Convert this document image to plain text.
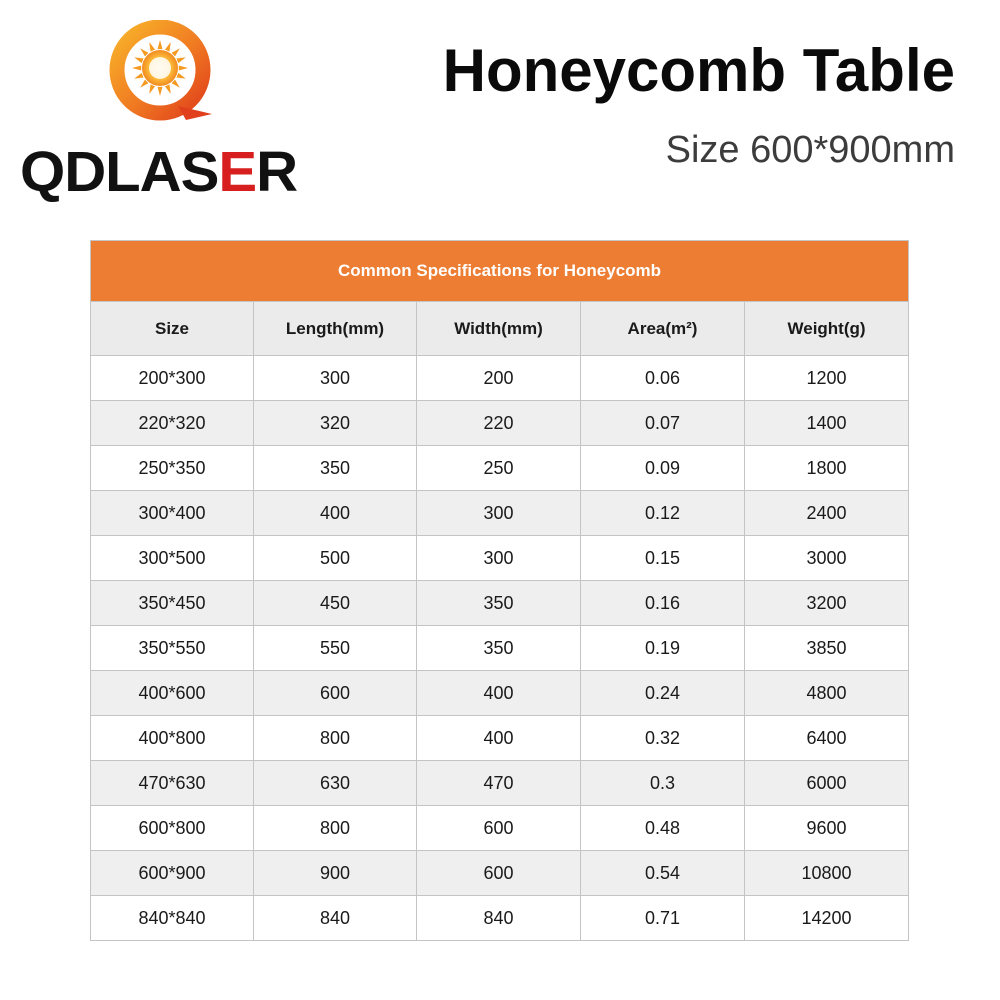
QDLASER
Honeycomb Table
Size 600*900mm
Common Specifications for Honeycomb				
Size	Length(mm)	Width(mm)	Area(m²)	Weight(g)
200*300	300	200	0.06	1200
220*320	320	220	0.07	1400
250*350	350	250	0.09	1800
300*400	400	300	0.12	2400
300*500	500	300	0.15	3000
350*450	450	350	0.16	3200
350*550	550	350	0.19	3850
400*600	600	400	0.24	4800
400*800	800	400	0.32	6400
470*630	630	470	0.3	6000
600*800	800	600	0.48	9600
600*900	900	600	0.54	10800
840*840	840	840	0.71	14200
